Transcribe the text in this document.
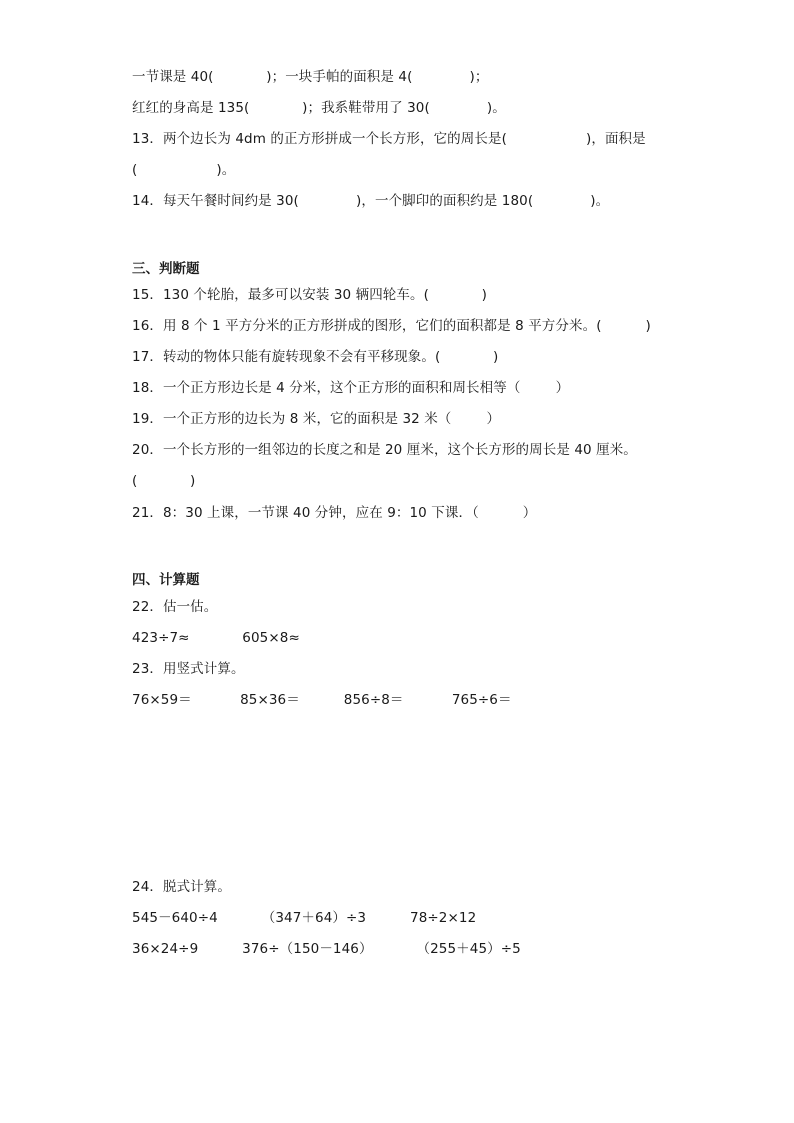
一节课是 40(            )；一块手帕的面积是 4(             )；
红红的身高是 135(            )；我系鞋带用了 30(             )。
13．两个边长为 4dm 的正方形拼成一个长方形，它的周长是(                  )，面积是
(                  )。
14．每天午餐时间约是 30(             )，一个脚印的面积约是 180(             )。
三、判断题
15．130 个轮胎，最多可以安装 30 辆四轮车。(            )
16．用 8 个 1 平方分米的正方形拼成的图形，它们的面积都是 8 平方分米。(          )
17．转动的物体只能有旋转现象不会有平移现象。(            )
18．一个正方形边长是 4 分米，这个正方形的面积和周长相等（        ）
19．一个正方形的边长为 8 米，它的面积是 32 米（        ）
20．一个长方形的一组邻边的长度之和是 20 厘米，这个长方形的周长是 40 厘米。
(            )
21．8：30 上课，一节课 40 分钟，应在 9：10 下课．（          ）
四、计算题
22．估一估。
423÷7≈            605×8≈
23．用竖式计算。
76×59＝           85×36＝          856÷8＝           765÷6＝
24．脱式计算。
545－640÷4          （347＋64）÷3          78÷2×12
36×24÷9          376÷（150－146）          （255＋45）÷5
